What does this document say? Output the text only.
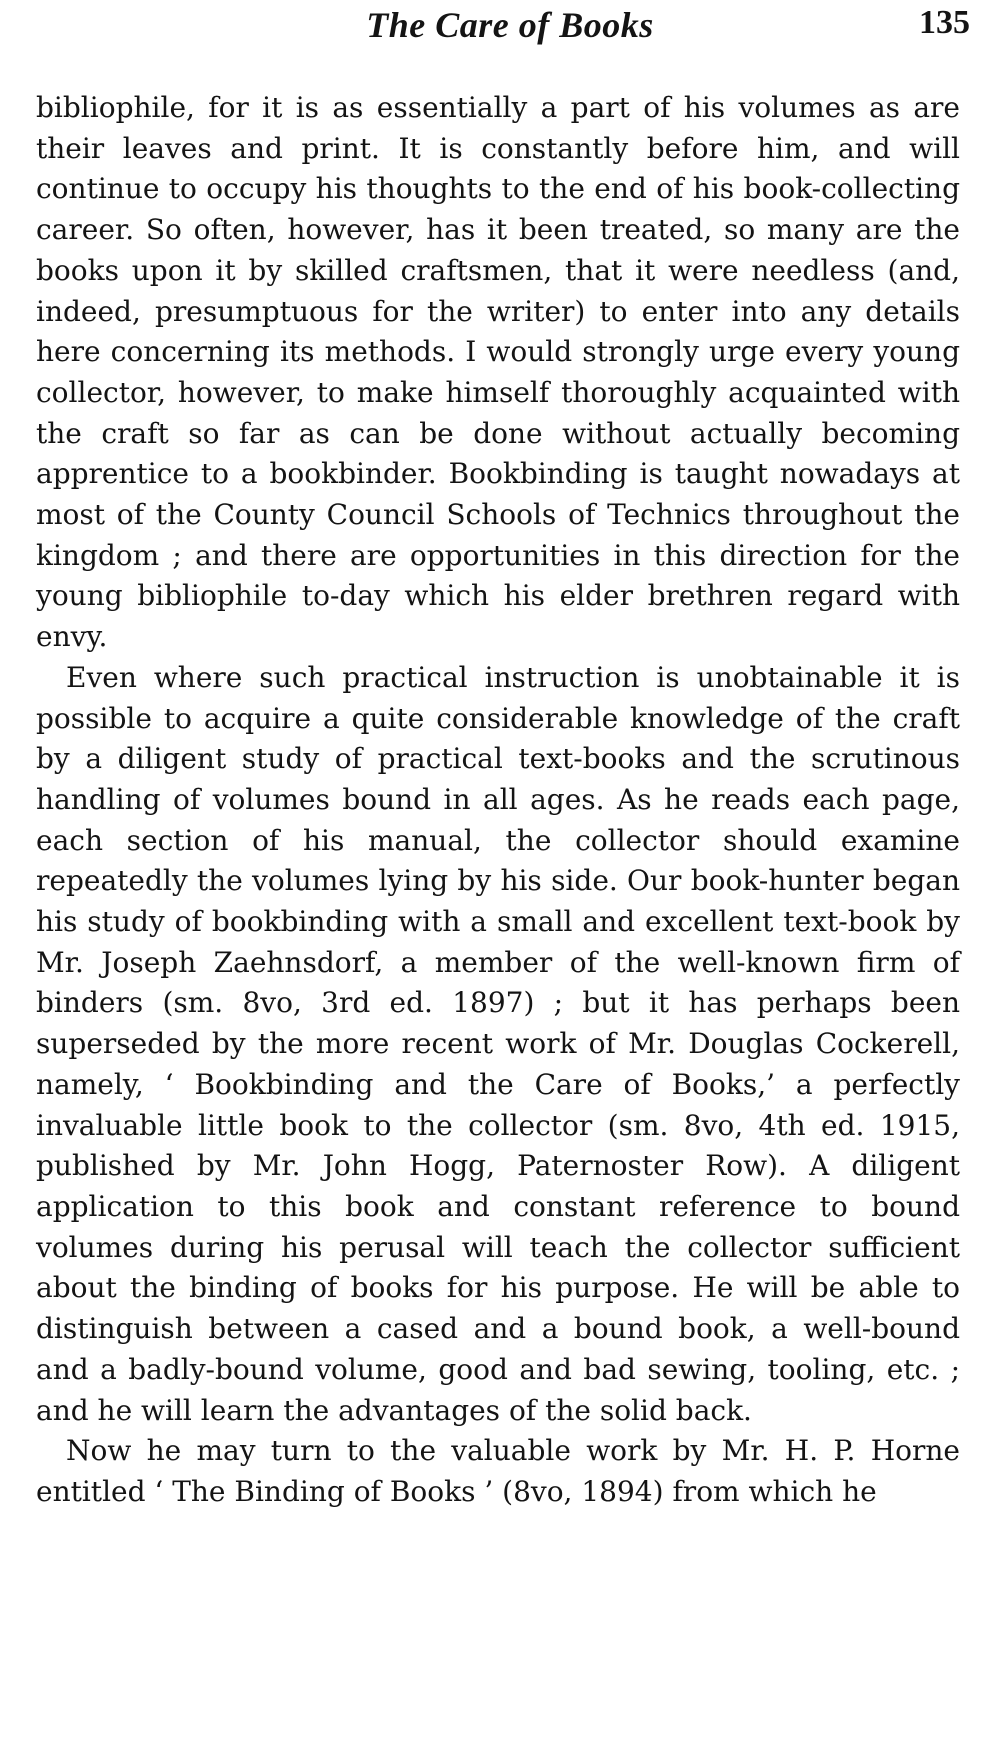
The Care of Books	135

bibliophile, for it is as essentially a part of his volumes as are their leaves and print. It is constantly before him, and will continue to occupy his thoughts to the end of his book-collecting career. So often, however, has it been treated, so many are the books upon it by skilled craftsmen, that it were needless (and, indeed, presumptuous for the writer) to enter into any details here concerning its methods. I would strongly urge every young collector, however, to make himself thoroughly acquainted with the craft so far as can be done without actually becoming apprentice to a bookbinder. Bookbinding is taught nowadays at most of the County Council Schools of Technics throughout the kingdom ; and there are opportunities in this direction for the young bibliophile to-day which his elder brethren regard with envy.

Even where such practical instruction is unobtainable it is possible to acquire a quite considerable knowledge of the craft by a diligent study of practical text-books and the scrutinous handling of volumes bound in all ages. As he reads each page, each section of his manual, the collector should examine repeatedly the volumes lying by his side. Our book-hunter began his study of bookbinding with a small and excellent text-book by Mr. Joseph Zaehnsdorf, a member of the well-known firm of binders (sm. 8vo, 3rd ed. 1897) ; but it has perhaps been superseded by the more recent work of Mr. Douglas Cockerell, namely, ‘ Bookbinding and the Care of Books,’ a perfectly invaluable little book to the collector (sm. 8vo, 4th ed. 1915, published by Mr. John Hogg, Paternoster Row). A diligent application to this book and constant reference to bound volumes during his perusal will teach the collector sufficient about the binding of books for his purpose. He will be able to distinguish between a cased and a bound book, a well-bound and a badly-bound volume, good and bad sewing, tooling, etc. ; and he will learn the advantages of the solid back.

Now he may turn to the valuable work by Mr. H. P. Horne entitled ‘ The Binding of Books ’ (8vo, 1894) from which he
